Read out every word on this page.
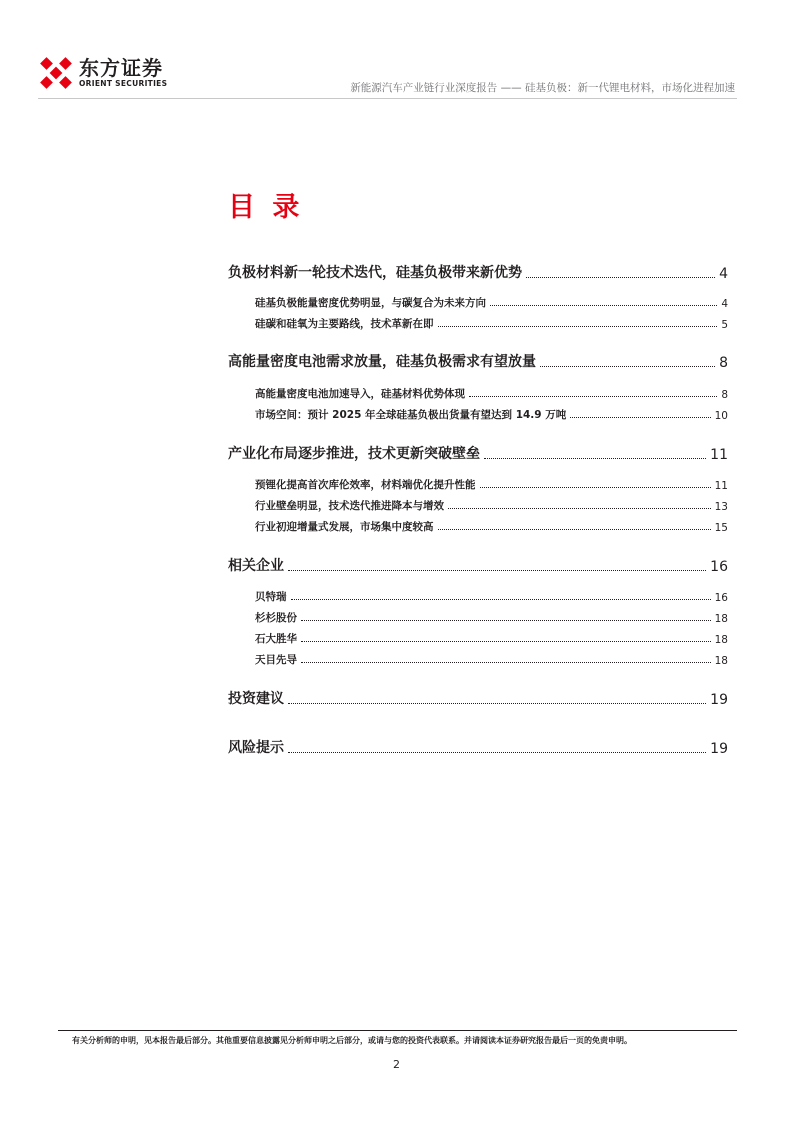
东方证券
ORIENT SECURITIES	新能源汽车产业链行业深度报告 —— 硅基负极：新一代锂电材料，市场化进程加速
目 录
负极材料新一轮技术迭代，硅基负极带来新优势	4
硅基负极能量密度优势明显，与碳复合为未来方向	4
硅碳和硅氧为主要路线，技术革新在即	5
高能量密度电池需求放量，硅基负极需求有望放量	8
高能量密度电池加速导入，硅基材料优势体现	8
市场空间：预计 2025 年全球硅基负极出货量有望达到 14.9 万吨	10
产业化布局逐步推进，技术更新突破壁垒	11
预锂化提高首次库伦效率，材料端优化提升性能	11
行业壁垒明显，技术迭代推进降本与增效	13
行业初迎增量式发展，市场集中度较高	15
相关企业	16
贝特瑞	16
杉杉股份	18
石大胜华	18
天目先导	18
投资建议	19
风险提示	19
有关分析师的申明，见本报告最后部分。其他重要信息披露见分析师申明之后部分，或请与您的投资代表联系。并请阅读本证券研究报告最后一页的免责申明。
2
